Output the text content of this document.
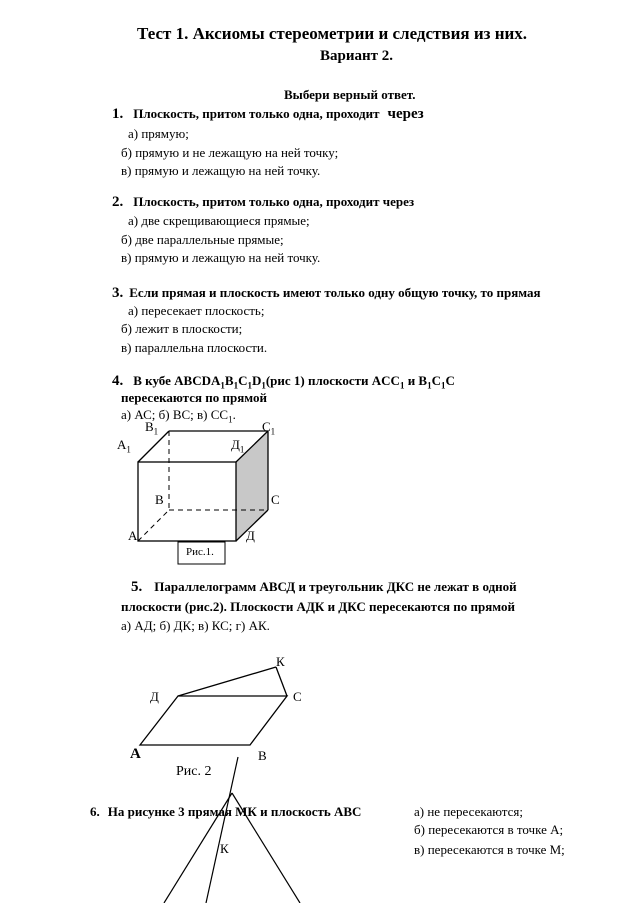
Тест 1. Аксиомы стереометрии и следствия из них.
Вариант 2.
Выбери верный ответ.
1. Плоскость, притом только одна, проходит через
а) прямую;
б) прямую и не лежащую на ней точку;
в) прямую и лежащую на ней точку.
2. Плоскость, притом только одна, проходит через
а) две скрещивающиеся прямые;
б) две параллельные прямые;
в) прямую и лежащую на ней точку.
3. Если прямая и плоскость имеют только одну общую точку, то прямая
а) пересекает плоскость;
б) лежит в плоскости;
в) параллельна плоскости.
4. В кубе $ABCDA_1B_1C_1D_1(рис$ 1) плоскости $ACC_1$ и $B_1C_1C$
пересекаются по прямой
а) АС; б) ВС; в) $СС_1$.
$B_1$	$C_1$
$А_1$	$Д_1$
В	С
А	Д
Рис.1.
5. Параллелограмм АВСД и треугольник ДКС не лежат в одной
плоскости (рис.2). Плоскости АДК и ДКС пересекаются по прямой
а) АД; б) ДК; в) КС; г) АК.
К
Д	С
А	В
Рис. 2
6. На рисунке 3 прямая МК и плоскость АВС	а) не пересекаются;
б) пересекаются в точке А;
в) пересекаются в точке М;
К
